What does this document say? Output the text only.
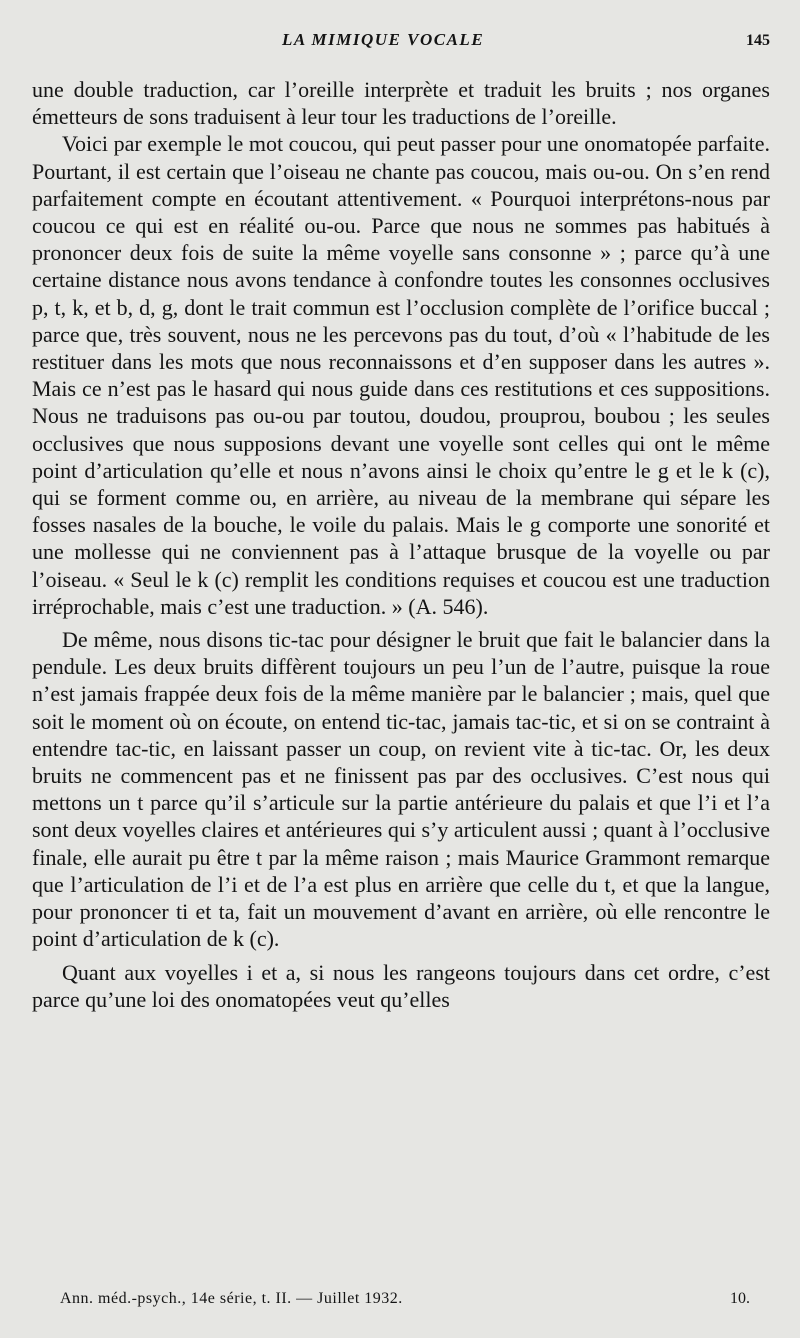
LA MIMIQUE VOCALE	145

une double traduction, car l’oreille interprète et traduit les bruits ; nos organes émetteurs de sons traduisent à leur tour les traductions de l’oreille.

Voici par exemple le mot coucou, qui peut passer pour une onomatopée parfaite. Pourtant, il est certain que l’oiseau ne chante pas coucou, mais ou-ou. On s’en rend parfaitement compte en écoutant attentivement. « Pourquoi interprétons-nous par coucou ce qui est en réalité ou-ou. Parce que nous ne sommes pas habitués à prononcer deux fois de suite la même voyelle sans consonne » ; parce qu’à une certaine distance nous avons tendance à confondre toutes les consonnes occlusives p, t, k, et b, d, g, dont le trait commun est l’occlusion complète de l’orifice buccal ; parce que, très souvent, nous ne les percevons pas du tout, d’où « l’habitude de les restituer dans les mots que nous reconnaissons et d’en supposer dans les autres ». Mais ce n’est pas le hasard qui nous guide dans ces restitutions et ces suppositions. Nous ne traduisons pas ou-ou par toutou, doudou, prouprou, boubou ; les seules occlusives que nous supposions devant une voyelle sont celles qui ont le même point d’articulation qu’elle et nous n’avons ainsi le choix qu’entre le g et le k (c), qui se forment comme ou, en arrière, au niveau de la membrane qui sépare les fosses nasales de la bouche, le voile du palais. Mais le g comporte une sonorité et une mollesse qui ne conviennent pas à l’attaque brusque de la voyelle ou par l’oiseau. « Seul le k (c) remplit les conditions requises et coucou est une traduction irréprochable, mais c’est une traduction. » (A. 546).

De même, nous disons tic-tac pour désigner le bruit que fait le balancier dans la pendule. Les deux bruits diffèrent toujours un peu l’un de l’autre, puisque la roue n’est jamais frappée deux fois de la même manière par le balancier ; mais, quel que soit le moment où on écoute, on entend tic-tac, jamais tac-tic, et si on se contraint à entendre tac-tic, en laissant passer un coup, on revient vite à tic-tac. Or, les deux bruits ne commencent pas et ne finissent pas par des occlusives. C’est nous qui mettons un t parce qu’il s’articule sur la partie antérieure du palais et que l’i et l’a sont deux voyelles claires et antérieures qui s’y articulent aussi ; quant à l’occlusive finale, elle aurait pu être t par la même raison ; mais Maurice Grammont remarque que l’articulation de l’i et de l’a est plus en arrière que celle du t, et que la langue, pour prononcer ti et ta, fait un mouvement d’avant en arrière, où elle rencontre le point d’articulation de k (c).

Quant aux voyelles i et a, si nous les rangeons toujours dans cet ordre, c’est parce qu’une loi des onomatopées veut qu’elles

Ann. méd.-psych., 14e série, t. II. — Juillet 1932.	10.
